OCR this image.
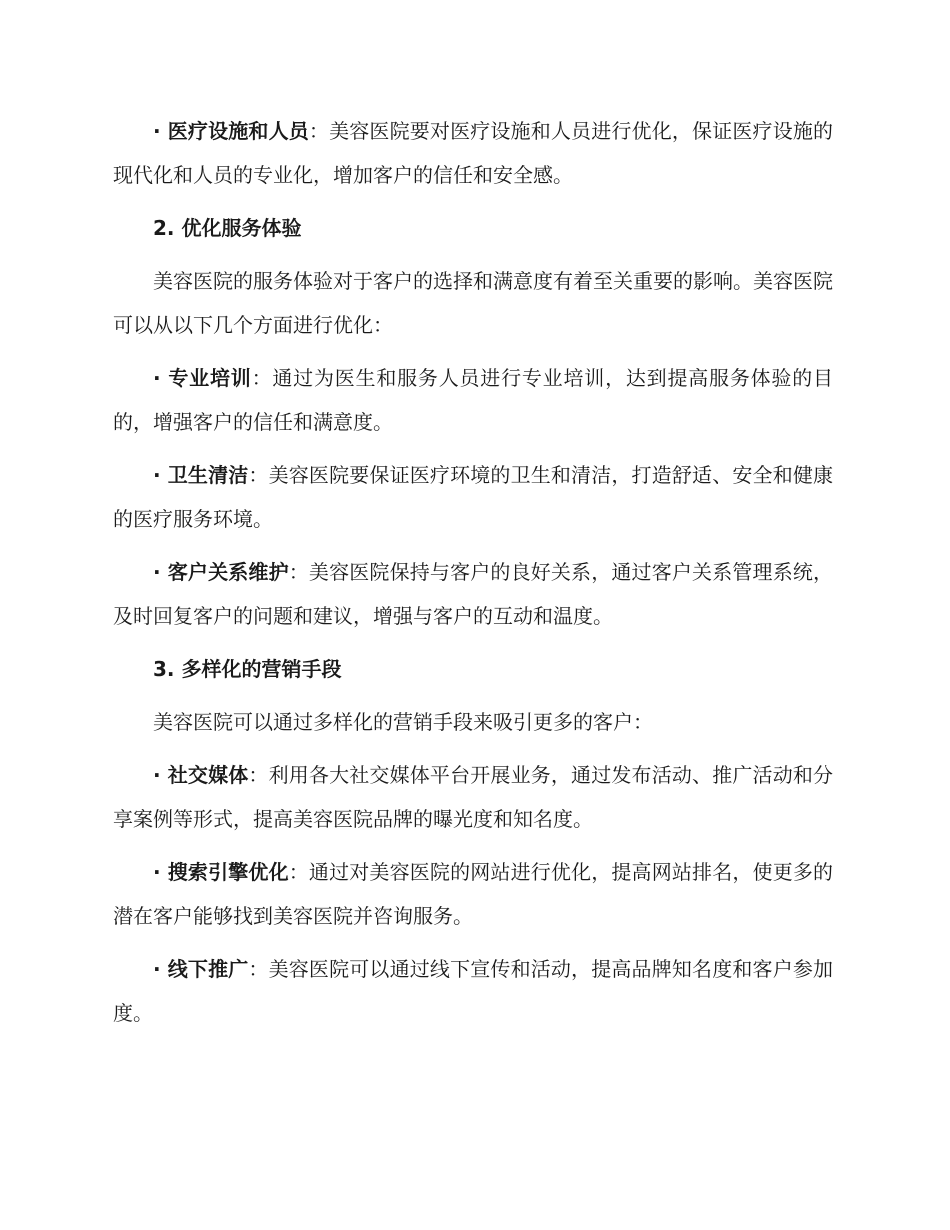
· 医疗设施和人员：美容医院要对医疗设施和人员进行优化，保证医疗设施的现代化和人员的专业化，增加客户的信任和安全感。

2. 优化服务体验

美容医院的服务体验对于客户的选择和满意度有着至关重要的影响。美容医院可以从以下几个方面进行优化：

· 专业培训：通过为医生和服务人员进行专业培训，达到提高服务体验的目的，增强客户的信任和满意度。

· 卫生清洁：美容医院要保证医疗环境的卫生和清洁，打造舒适、安全和健康的医疗服务环境。

· 客户关系维护：美容医院保持与客户的良好关系，通过客户关系管理系统，及时回复客户的问题和建议，增强与客户的互动和温度。

3. 多样化的营销手段

美容医院可以通过多样化的营销手段来吸引更多的客户：

· 社交媒体：利用各大社交媒体平台开展业务，通过发布活动、推广活动和分享案例等形式，提高美容医院品牌的曝光度和知名度。

· 搜索引擎优化：通过对美容医院的网站进行优化，提高网站排名，使更多的潜在客户能够找到美容医院并咨询服务。

· 线下推广：美容医院可以通过线下宣传和活动，提高品牌知名度和客户参加度。
